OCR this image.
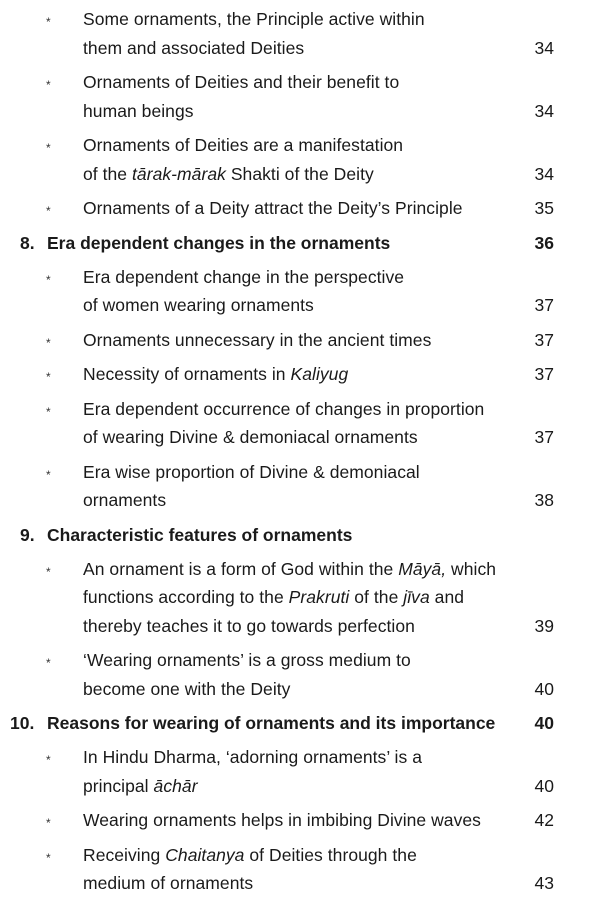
*	Some ornaments, the Principle active within
them and associated Deities	34
*	Ornaments of Deities and their benefit to
human beings	34
*	Ornaments of Deities are a manifestation
of the tārak-mārak Shakti of the Deity	34
*	Ornaments of a Deity attract the Deity’s Principle	35
8. Era dependent changes in the ornaments	36
*	Era dependent change in the perspective
of women wearing ornaments	37
*	Ornaments unnecessary in the ancient times	37
*	Necessity of ornaments in Kaliyug	37
*	Era dependent occurrence of changes in proportion
of wearing Divine & demoniacal ornaments	37
*	Era wise proportion of Divine & demoniacal
ornaments	38
9. Characteristic features of ornaments
*	An ornament is a form of God within the Māyā, which
functions according to the Prakruti of the jīva and
thereby teaches it to go towards perfection	39
*	‘Wearing ornaments’ is a gross medium to
become one with the Deity	40
10. Reasons for wearing of ornaments and its importance 40
*	In Hindu Dharma, ‘adorning ornaments’ is a
principal āchār	40
*	Wearing ornaments helps in imbibing Divine waves	42
*	Receiving Chaitanya of Deities through the
medium of ornaments	43
